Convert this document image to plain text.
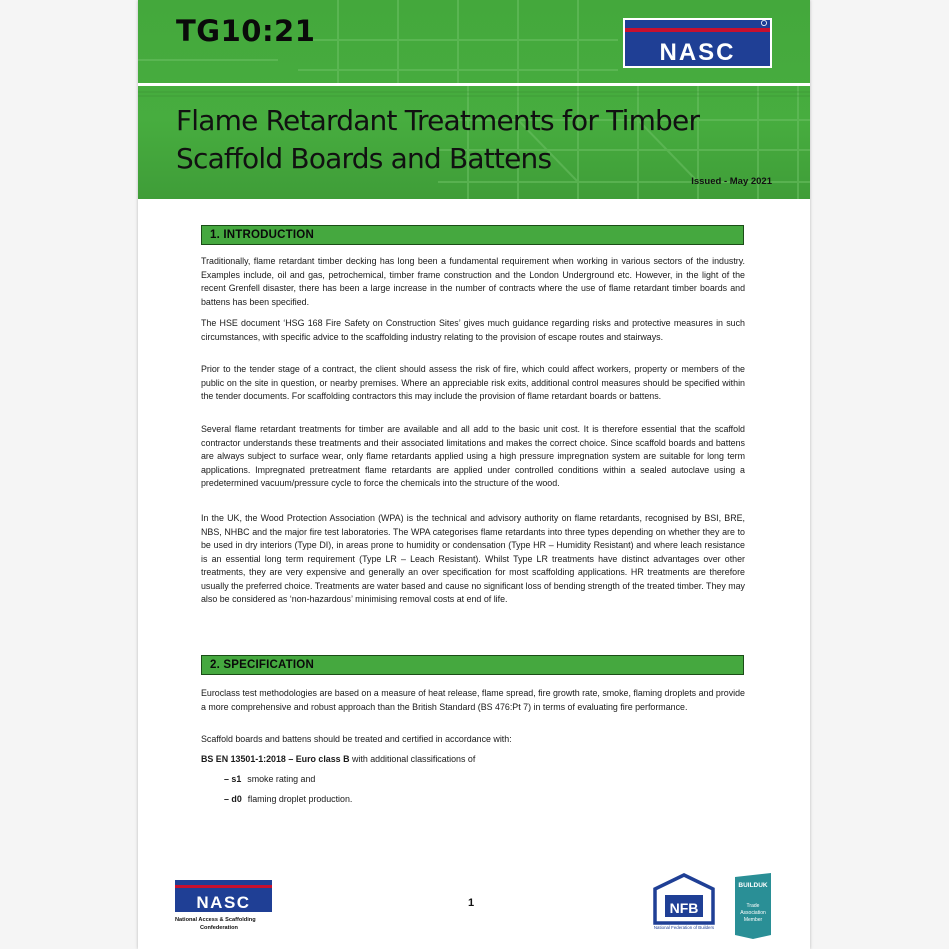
TG10:21
NASC
Flame Retardant Treatments for Timber
Scaffold Boards and Battens
Issued - May 2021
1. INTRODUCTION

Traditionally, flame retardant timber decking has long been a fundamental requirement when working in various sectors of the industry. Examples include, oil and gas, petrochemical, timber frame construction and the London Underground etc. However, in the light of the recent Grenfell disaster, there has been a large increase in the number of contracts where the use of flame retardant timber boards and battens has been specified.

The HSE document ‘HSG 168 Fire Safety on Construction Sites’ gives much guidance regarding risks and protective measures in such circumstances, with specific advice to the scaffolding industry relating to the provision of escape routes and stairways.

Prior to the tender stage of a contract, the client should assess the risk of fire, which could affect workers, property or members of the public on the site in question, or nearby premises. Where an appreciable risk exits, additional control measures should be specified within the tender documents. For scaffolding contractors this may include the provision of flame retardant boards or battens.

Several flame retardant treatments for timber are available and all add to the basic unit cost. It is therefore essential that the scaffold contractor understands these treatments and their associated limitations and makes the correct choice. Since scaffold boards and battens are always subject to surface wear, only flame retardants applied using a high pressure impregnation system are suitable for long term applications. Impregnated pretreatment flame retardants are applied under controlled conditions within a sealed autoclave using a predetermined vacuum/pressure cycle to force the chemicals into the structure of the wood.

In the UK, the Wood Protection Association (WPA) is the technical and advisory authority on flame retardants, recognised by BSI, BRE, NBS, NHBC and the major fire test laboratories. The WPA categorises flame retardants into three types depending on whether they are to be used in dry interiors (Type DI), in areas prone to humidity or condensation (Type HR – Humidity Resistant) and where leach resistance is an essential long term requirement (Type LR – Leach Resistant). Whilst Type LR treatments have distinct advantages over other treatments, they are very expensive and generally an over specification for most scaffolding applications. HR treatments are therefore usually the preferred choice. Treatments are water based and cause no significant loss of bending strength of the treated timber. They may also be considered as ‘non-hazardous’ minimising removal costs at end of life.

2. SPECIFICATION

Euroclass test methodologies are based on a measure of heat release, flame spread, fire growth rate, smoke, flaming droplets and provide a more comprehensive and robust approach than the British Standard (BS 476:Pt 7) in terms of evaluating fire performance.

Scaffold boards and battens should be treated and certified in accordance with:

BS EN 13501-1:2018 – Euro class B with additional classifications of

– s1 smoke rating and
– d0 flaming droplet production.
NASC
National Access & Scaffolding
Confederation
1	NFB
National Federation of Builders
BUILDUK
Trade
Association
Member
